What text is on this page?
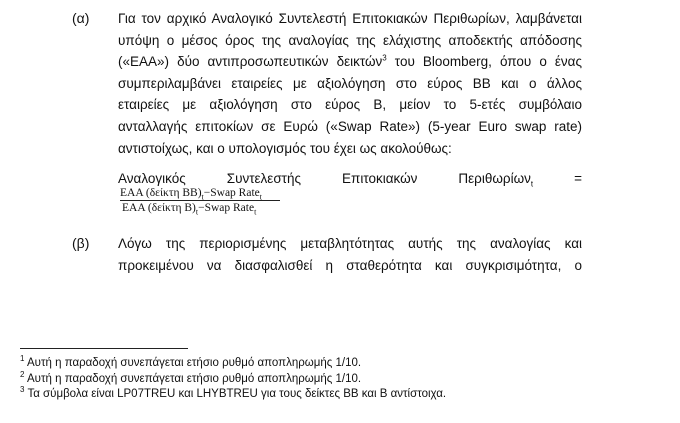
(α) Για τον αρχικό Αναλογικό Συντελεστή Επιτοκιακών Περιθωρίων, λαμβάνεται
υπόψη ο μέσος όρος της αναλογίας της ελάχιστης αποδεκτής απόδοσης
(«ΕΑΑ») δύο αντιπροσωπευτικών δεικτών$^3$ του Bloomberg, όπου ο ένας
συμπεριλαμβάνει εταιρείες με αξιολόγηση στο εύρος BB και ο άλλος
εταιρείες με αξιολόγηση στο εύρος B, μείον το 5-ετές συμβόλαιο
ανταλλαγής επιτοκίων σε Ευρώ («Swap Rate») (5-year Euro swap rate)
αντιστοίχως, και ο υπολογισμός του έχει ως ακολούθως:
Αναλογικός	Συντελεστής	Επιτοκιακών	Περιθωρίων$_t$	=
ΕΑΑ (δείκτη $BB)_t-Swap$ Rate$_t$
ΕΑΑ (δείκτη $B)_t-Swap$ Rate$_t$
(β) Λόγω της περιορισμένης μεταβλητότητας αυτής της αναλογίας και
προκειμένου να διασφαλισθεί η σταθερότητα και συγκρισιμότητα, ο
$^1$ Αυτή η παραδοχή συνεπάγεται ετήσιο ρυθμό αποπληρωμής 1/10.
$^2$ Αυτή η παραδοχή συνεπάγεται ετήσιο ρυθμό αποπληρωμής 1/10.
$^3$ Τα σύμβολα είναι LP07TREU και LHYBTREU για τους δείκτες BB και B αντίστοιχα.
